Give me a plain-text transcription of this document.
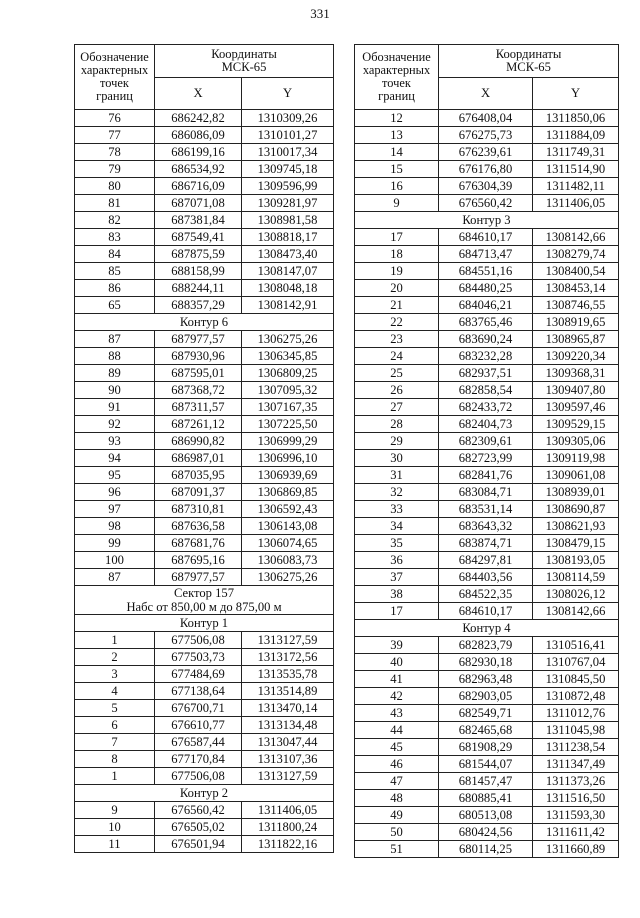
331
Обозначение
характерных
точек
границ	Координаты
МСК-65	
	X	Y
76	686242,82	1310309,26
77	686086,09	1310101,27
78	686199,16	1310017,34
79	686534,92	1309745,18
80	686716,09	1309596,99
81	687071,08	1309281,97
82	687381,84	1308981,58
83	687549,41	1308818,17
84	687875,59	1308473,40
85	688158,99	1308147,07
86	688244,11	1308048,18
65	688357,29	1308142,91
Контур 6		
87	687977,57	1306275,26
88	687930,96	1306345,85
89	687595,01	1306809,25
90	687368,72	1307095,32
91	687311,57	1307167,35
92	687261,12	1307225,50
93	686990,82	1306999,29
94	686987,01	1306996,10
95	687035,95	1306939,69
96	687091,37	1306869,85
97	687310,81	1306592,43
98	687636,58	1306143,08
99	687681,76	1306074,65
100	687695,16	1306083,73
87	687977,57	1306275,26
Сектор 157
Набс от 850,00 м до 875,00 м		
Контур 1		
1	677506,08	1313127,59
2	677503,73	1313172,56
3	677484,69	1313535,78
4	677138,64	1313514,89
5	676700,71	1313470,14
6	676610,77	1313134,48
7	676587,44	1313047,44
8	677170,84	1313107,36
1	677506,08	1313127,59
Контур 2		
9	676560,42	1311406,05
10	676505,02	1311800,24
11	676501,94	1311822,16
Обозначение
характерных
точек
границ	Координаты
МСК-65	
	X	Y
12	676408,04	1311850,06
13	676275,73	1311884,09
14	676239,61	1311749,31
15	676176,80	1311514,90
16	676304,39	1311482,11
9	676560,42	1311406,05
Контур 3		
17	684610,17	1308142,66
18	684713,47	1308279,74
19	684551,16	1308400,54
20	684480,25	1308453,14
21	684046,21	1308746,55
22	683765,46	1308919,65
23	683690,24	1308965,87
24	683232,28	1309220,34
25	682937,51	1309368,31
26	682858,54	1309407,80
27	682433,72	1309597,46
28	682404,73	1309529,15
29	682309,61	1309305,06
30	682723,99	1309119,98
31	682841,76	1309061,08
32	683084,71	1308939,01
33	683531,14	1308690,87
34	683643,32	1308621,93
35	683874,71	1308479,15
36	684297,81	1308193,05
37	684403,56	1308114,59
38	684522,35	1308026,12
17	684610,17	1308142,66
Контур 4		
39	682823,79	1310516,41
40	682930,18	1310767,04
41	682963,48	1310845,50
42	682903,05	1310872,48
43	682549,71	1311012,76
44	682465,68	1311045,98
45	681908,29	1311238,54
46	681544,07	1311347,49
47	681457,47	1311373,26
48	680885,41	1311516,50
49	680513,08	1311593,30
50	680424,56	1311611,42
51	680114,25	1311660,89
